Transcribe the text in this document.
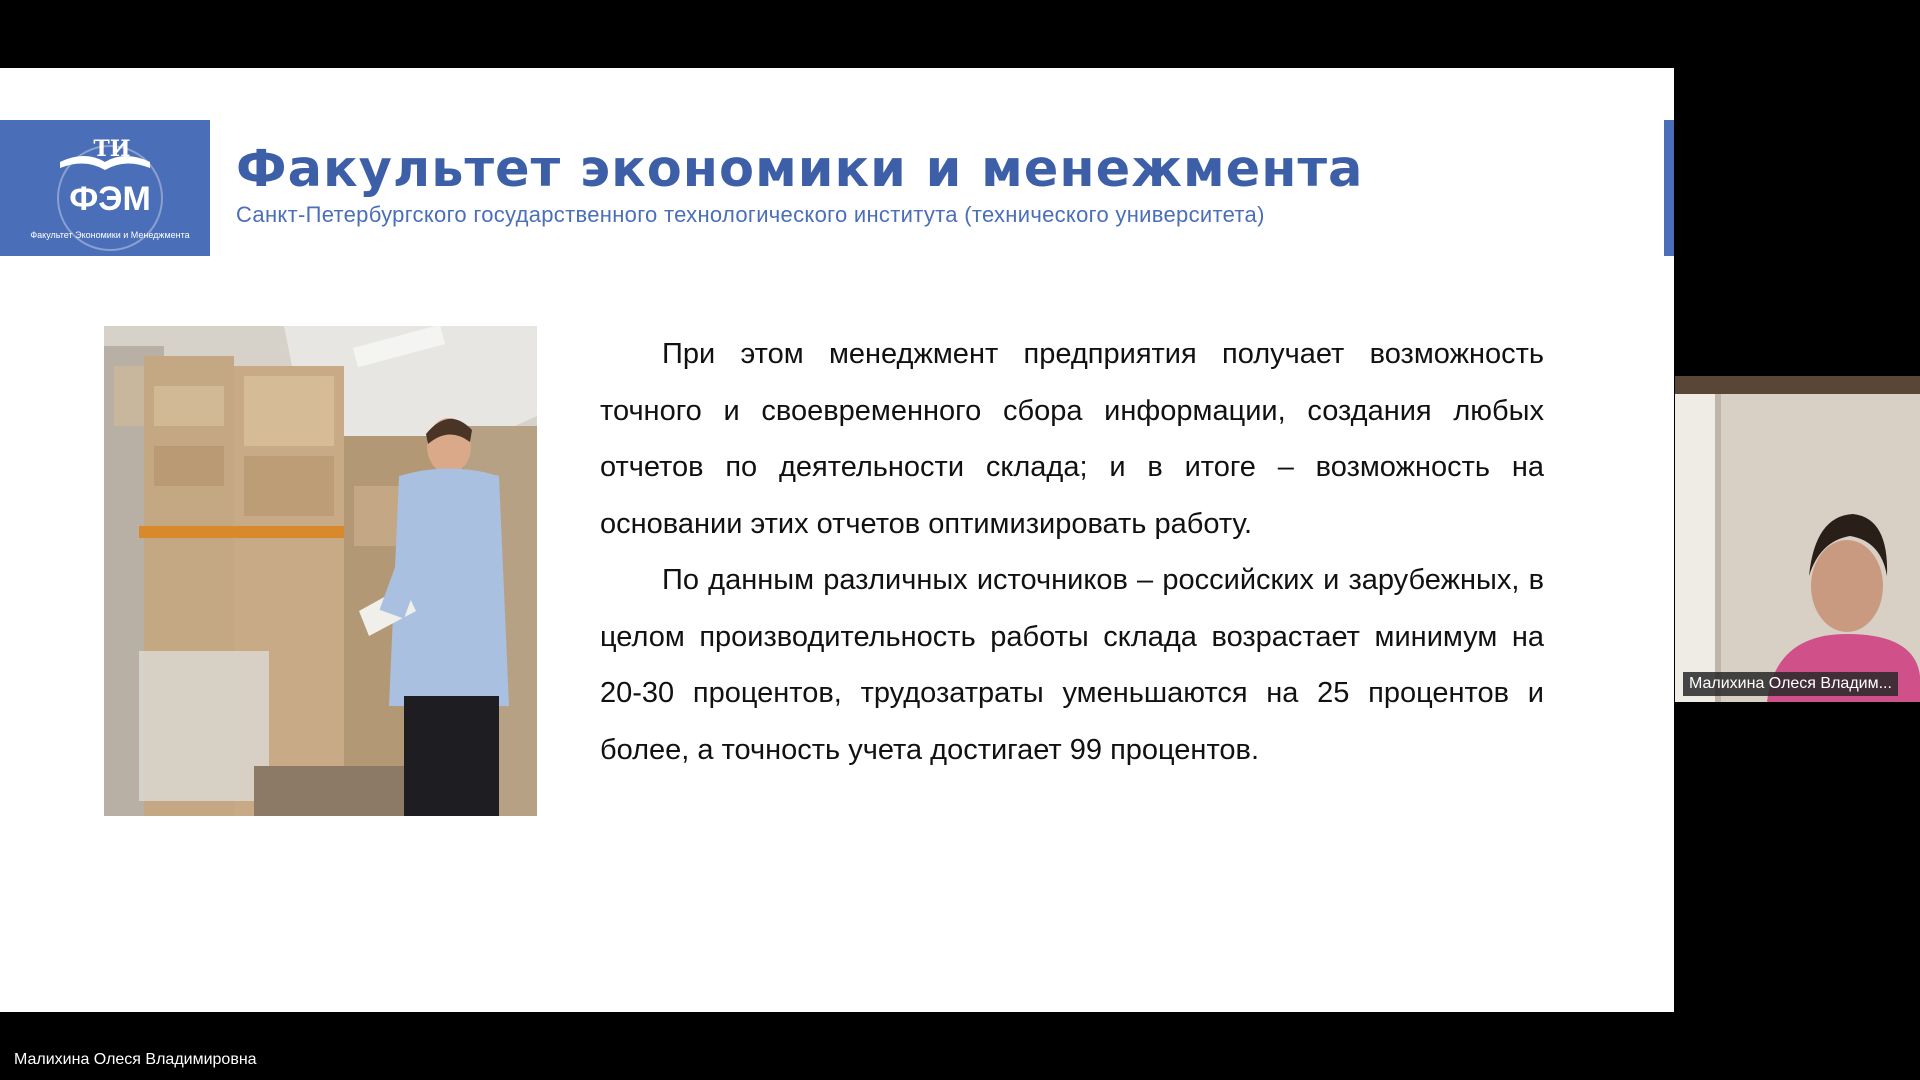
ТИ
ФЭМ
Факультет Экономики и Менеджмента
Факультет экономики и менежмента
Санкт-Петербургского государственного технологического института (технического университета)

При этом менеджмент предприятия получает возможность точного и своевременного сбора информации, создания любых отчетов по деятельности склада; и в итоге – возможность на основании этих отчетов оптимизировать работу.

По данным различных источников – российских и зарубежных, в целом производительность работы склада возрастает минимум на 20-30 процентов, трудозатраты уменьшаются на 25 процентов и более, а точность учета достигает 99 процентов.

Малихина Олеся Владим...
Малихина Олеся Владимировна
